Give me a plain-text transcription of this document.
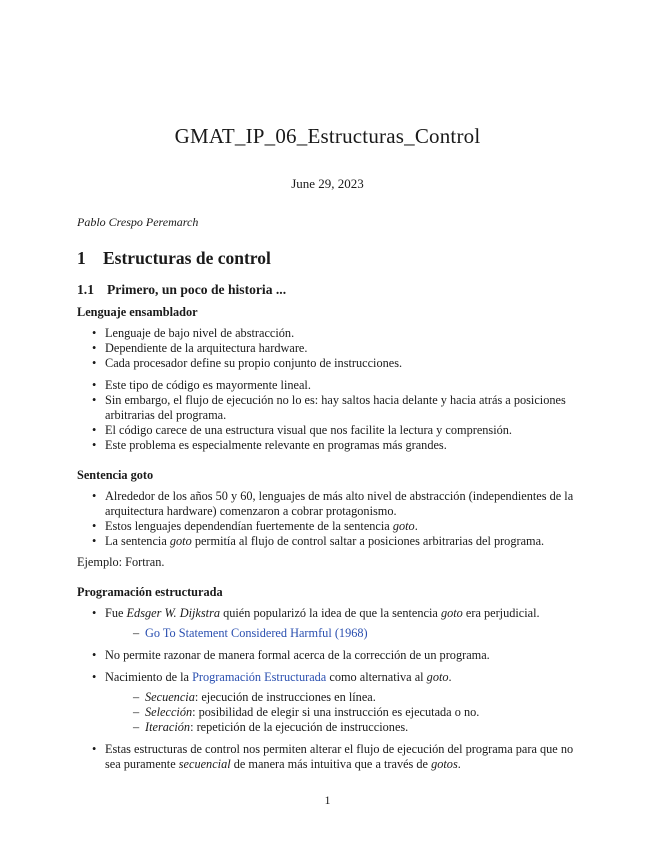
GMAT_IP_06_Estructuras_Control
June 29, 2023
Pablo Crespo Peremarch
1 Estructuras de control
1.1 Primero, un poco de historia ...
Lenguaje ensamblador
• Lenguaje de bajo nivel de abstracción.
• Dependiente de la arquitectura hardware.
• Cada procesador define su propio conjunto de instrucciones.
• Este tipo de código es mayormente lineal.
• Sin embargo, el flujo de ejecución no lo es: hay saltos hacia delante y hacia atrás a posiciones arbitrarias del programa.
• El código carece de una estructura visual que nos facilite la lectura y comprensión.
• Este problema es especialmente relevante en programas más grandes.
Sentencia goto
• Alrededor de los años 50 y 60, lenguajes de más alto nivel de abstracción (independientes de la arquitectura hardware) comenzaron a cobrar protagonismo.
• Estos lenguajes dependendían fuertemente de la sentencia goto.
• La sentencia goto permitía al flujo de control saltar a posiciones arbitrarias del programa.
Ejemplo: Fortran.
Programación estructurada
• Fue Edsger W. Dijkstra quién popularizó la idea de que la sentencia goto era perjudicial.
– Go To Statement Considered Harmful (1968)
• No permite razonar de manera formal acerca de la corrección de un programa.
• Nacimiento de la Programación Estructurada como alternativa al goto.
– Secuencia: ejecución de instrucciones en línea.
– Selección: posibilidad de elegir si una instrucción es ejecutada o no.
– Iteración: repetición de la ejecución de instrucciones.
• Estas estructuras de control nos permiten alterar el flujo de ejecución del programa para que no sea puramente secuencial de manera más intuitiva que a través de gotos.
1
